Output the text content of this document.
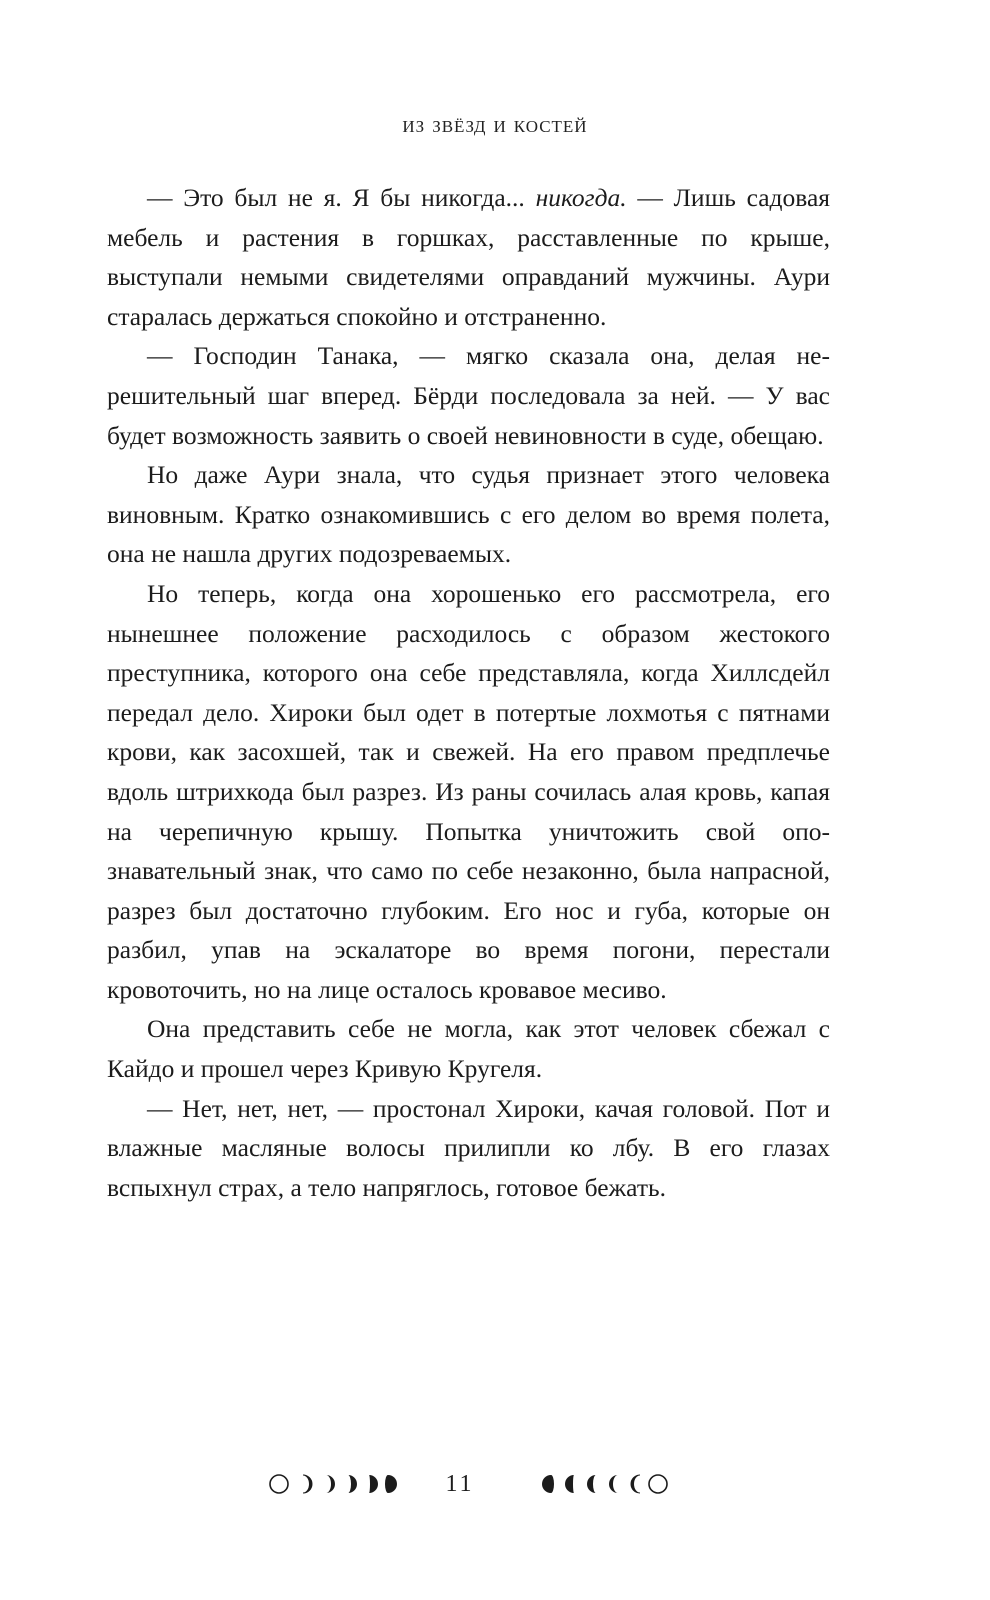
из звёзд и костей

— Это был не я. Я бы никогда... никогда. — Лишь садовая мебель и растения в горшках, расставленные по крыше, выступали немыми свидетелями оправданий мужчины. Аури старалась держаться спокойно и отстраненно.

— Господин Танака, — мягко сказала она, делая нерешительный шаг вперед. Бёрди последовала за ней. — У вас будет возможность заявить о своей невиновности в суде, обещаю.

Но даже Аури знала, что судья признает этого человека виновным. Кратко ознакомившись с его делом во время полета, она не нашла других подозреваемых.

Но теперь, когда она хорошенько его рассмотрела, его нынешнее положение расходилось с образом жестокого преступника, которого она себе представляла, когда Хиллсдейл передал дело. Хироки был одет в потертые лохмотья с пятнами крови, как засохшей, так и свежей. На его правом предплечье вдоль штрихкода был разрез. Из раны сочилась алая кровь, капая на черепичную крышу. Попытка уничтожить свой опознавательный знак, что само по себе незаконно, была напрасной, разрез был достаточно глубоким. Его нос и губа, которые он разбил, упав на эскалаторе во время погони, перестали кровоточить, но на лице осталось кровавое месиво.

Она представить себе не могла, как этот человек сбежал с Кайдо и прошел через Кривую Кругеля.

— Нет, нет, нет, — простонал Хироки, качая головой. Пот и влажные масляные волосы прилипли ко лбу. В его глазах вспыхнул страх, а тело напряглось, готовое бежать.

11
